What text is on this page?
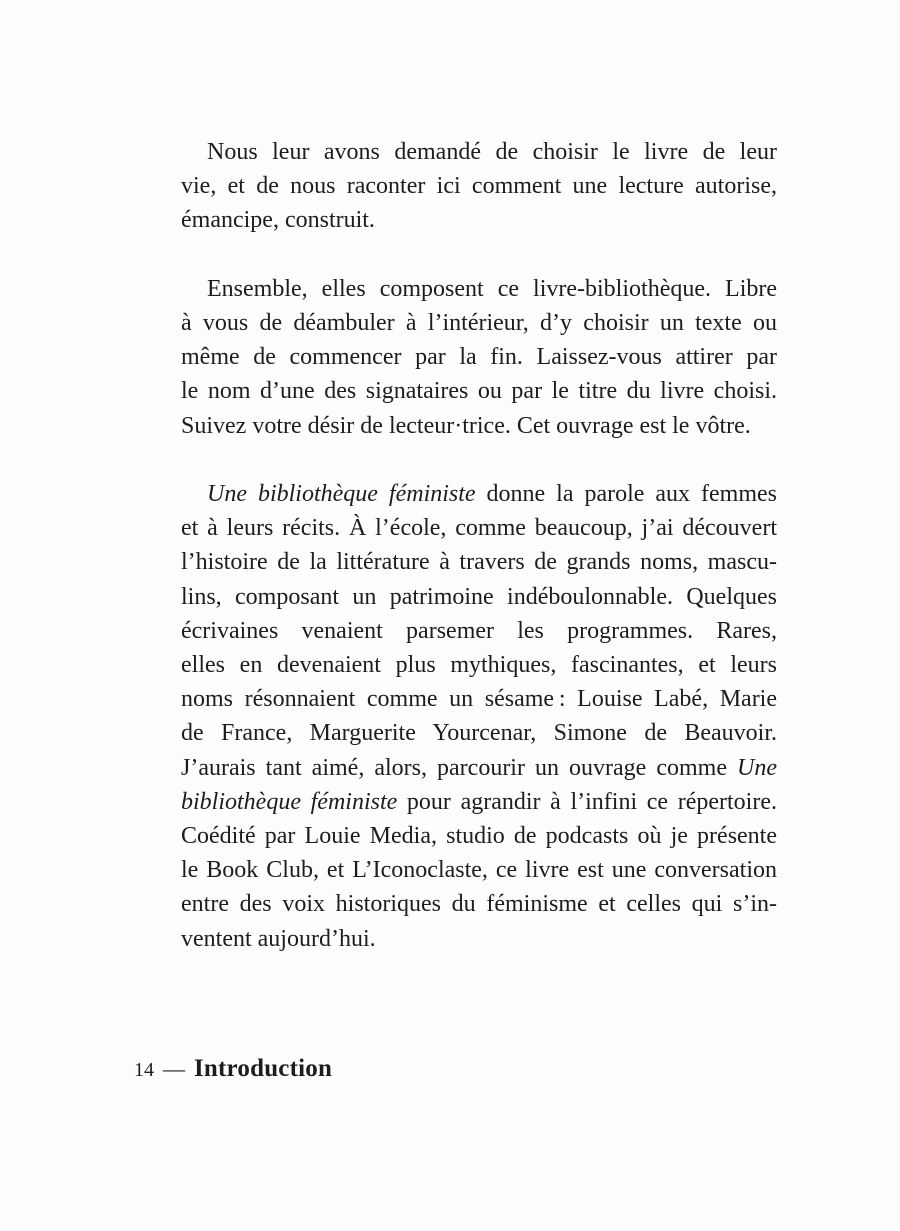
Nous leur avons demandé de choisir le livre de leur
vie, et de nous raconter ici comment une lecture autorise,
émancipe, construit.

Ensemble, elles composent ce livre-bibliothèque. Libre
à vous de déambuler à l’intérieur, d’y choisir un texte ou
même de commencer par la fin. Laissez-vous attirer par
le nom d’une des signataires ou par le titre du livre choisi.
Suivez votre désir de lecteur·trice. Cet ouvrage est le vôtre.

Une bibliothèque féministe donne la parole aux femmes
et à leurs récits. À l’école, comme beaucoup, j’ai découvert
l’histoire de la littérature à travers de grands noms, mascu-
lins, composant un patrimoine indéboulonnable. Quelques
écrivaines venaient parsemer les programmes. Rares,
elles en devenaient plus mythiques, fascinantes, et leurs
noms résonnaient comme un sésame : Louise Labé, Marie
de France, Marguerite Yourcenar, Simone de Beauvoir.
J’aurais tant aimé, alors, parcourir un ouvrage comme Une
bibliothèque féministe pour agrandir à l’infini ce répertoire.
Coédité par Louie Media, studio de podcasts où je présente
le Book Club, et L’Iconoclaste, ce livre est une conversation
entre des voix historiques du féminisme et celles qui s’in-
ventent aujourd’hui.

14 — Introduction
